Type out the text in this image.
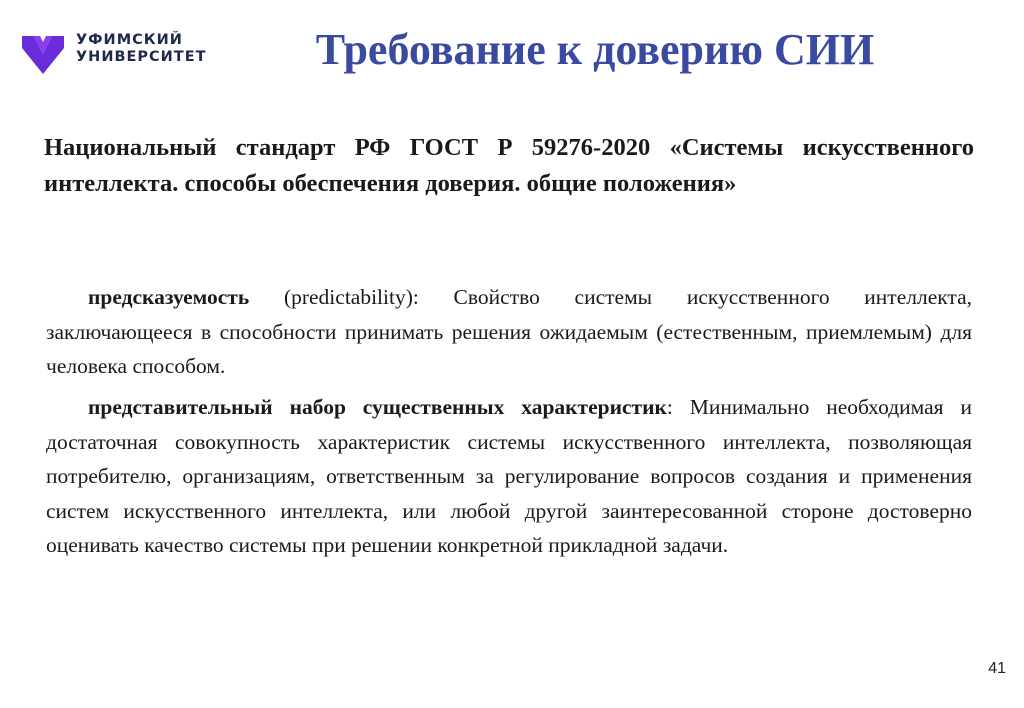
УФИМСКИЙ
УНИВЕРСИТЕТ	Требование к доверию СИИ
Национальный стандарт РФ ГОСТ Р 59276-2020 «Системы искусственного интеллекта. способы обеспечения доверия. общие положения»

предсказуемость (predictability): Свойство системы искусственного интеллекта, заключающееся в способности принимать решения ожидаемым (естественным, приемлемым) для человека способом.

представительный набор существенных характеристик: Минимально необходимая и достаточная совокупность характеристик системы искусственного интеллекта, позволяющая потребителю, организациям, ответственным за регулирование вопросов создания и применения систем искусственного интеллекта, или любой другой заинтересованной стороне достоверно оценивать качество системы при решении конкретной прикладной задачи.

41
